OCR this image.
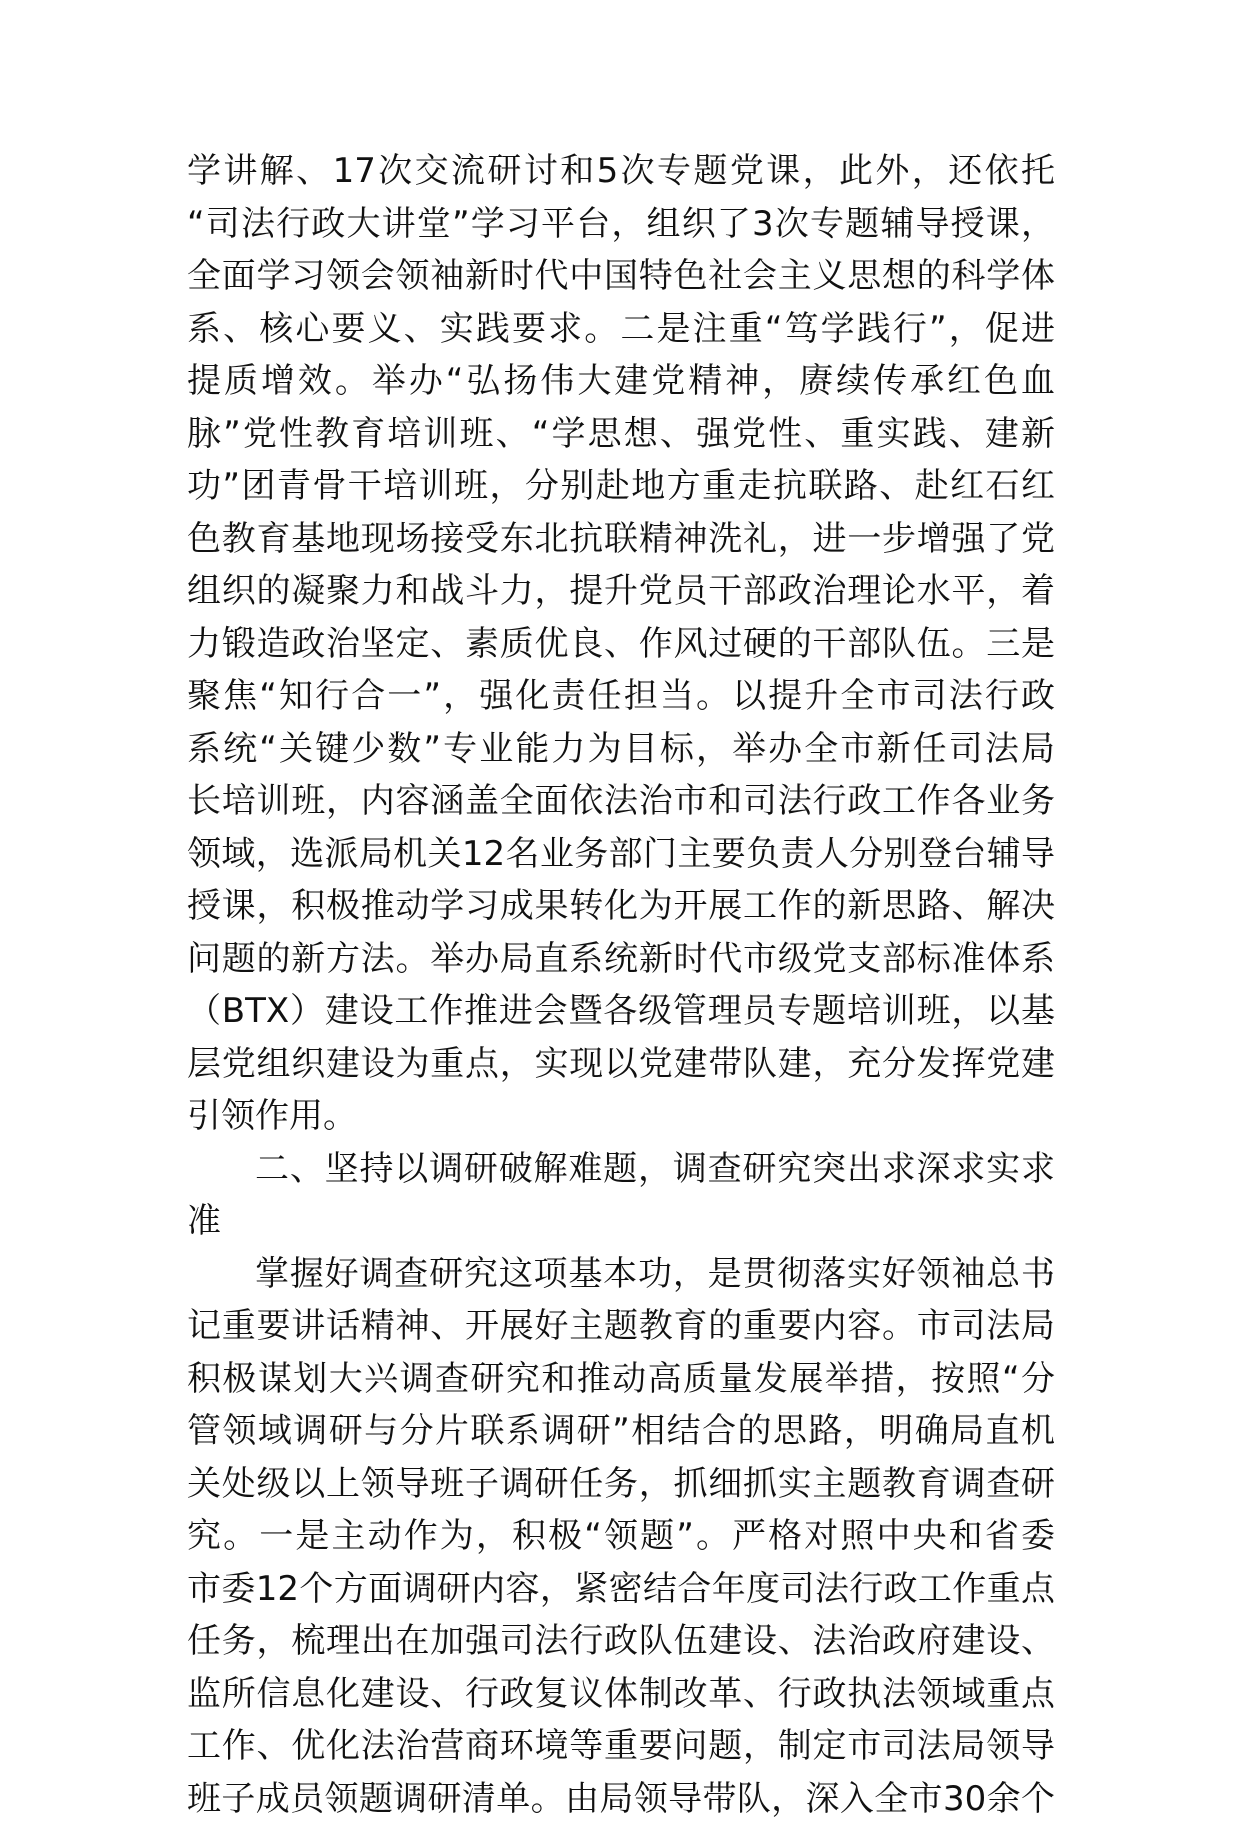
学讲解、17次交流研讨和5次专题党课，此外，还依托
“司法行政大讲堂”学习平台，组织了3次专题辅导授课，
全面学习领会领袖新时代中国特色社会主义思想的科学体
系、核心要义、实践要求。二是注重“笃学践行”，促进
提质增效。举办“弘扬伟大建党精神，赓续传承红色血
脉”党性教育培训班、“学思想、强党性、重实践、建新
功”团青骨干培训班，分别赴地方重走抗联路、赴红石红
色教育基地现场接受东北抗联精神洗礼，进一步增强了党
组织的凝聚力和战斗力，提升党员干部政治理论水平，着
力锻造政治坚定、素质优良、作风过硬的干部队伍。三是
聚焦“知行合一”，强化责任担当。以提升全市司法行政
系统“关键少数”专业能力为目标，举办全市新任司法局
长培训班，内容涵盖全面依法治市和司法行政工作各业务
领域，选派局机关12名业务部门主要负责人分别登台辅导
授课，积极推动学习成果转化为开展工作的新思路、解决
问题的新方法。举办局直系统新时代市级党支部标准体系
（BTX）建设工作推进会暨各级管理员专题培训班，以基
层党组织建设为重点，实现以党建带队建，充分发挥党建
引领作用。
二、坚持以调研破解难题，调查研究突出求深求实求
准
掌握好调查研究这项基本功，是贯彻落实好领袖总书
记重要讲话精神、开展好主题教育的重要内容。市司法局
积极谋划大兴调查研究和推动高质量发展举措，按照“分
管领域调研与分片联系调研”相结合的思路，明确局直机
关处级以上领导班子调研任务，抓细抓实主题教育调查研
究。一是主动作为，积极“领题”。严格对照中央和省委
市委12个方面调研内容，紧密结合年度司法行政工作重点
任务，梳理出在加强司法行政队伍建设、法治政府建设、
监所信息化建设、行政复议体制改革、行政执法领域重点
工作、优化法治营商环境等重要问题，制定市司法局领导
班子成员领题调研清单。由局领导带队，深入全市30余个
